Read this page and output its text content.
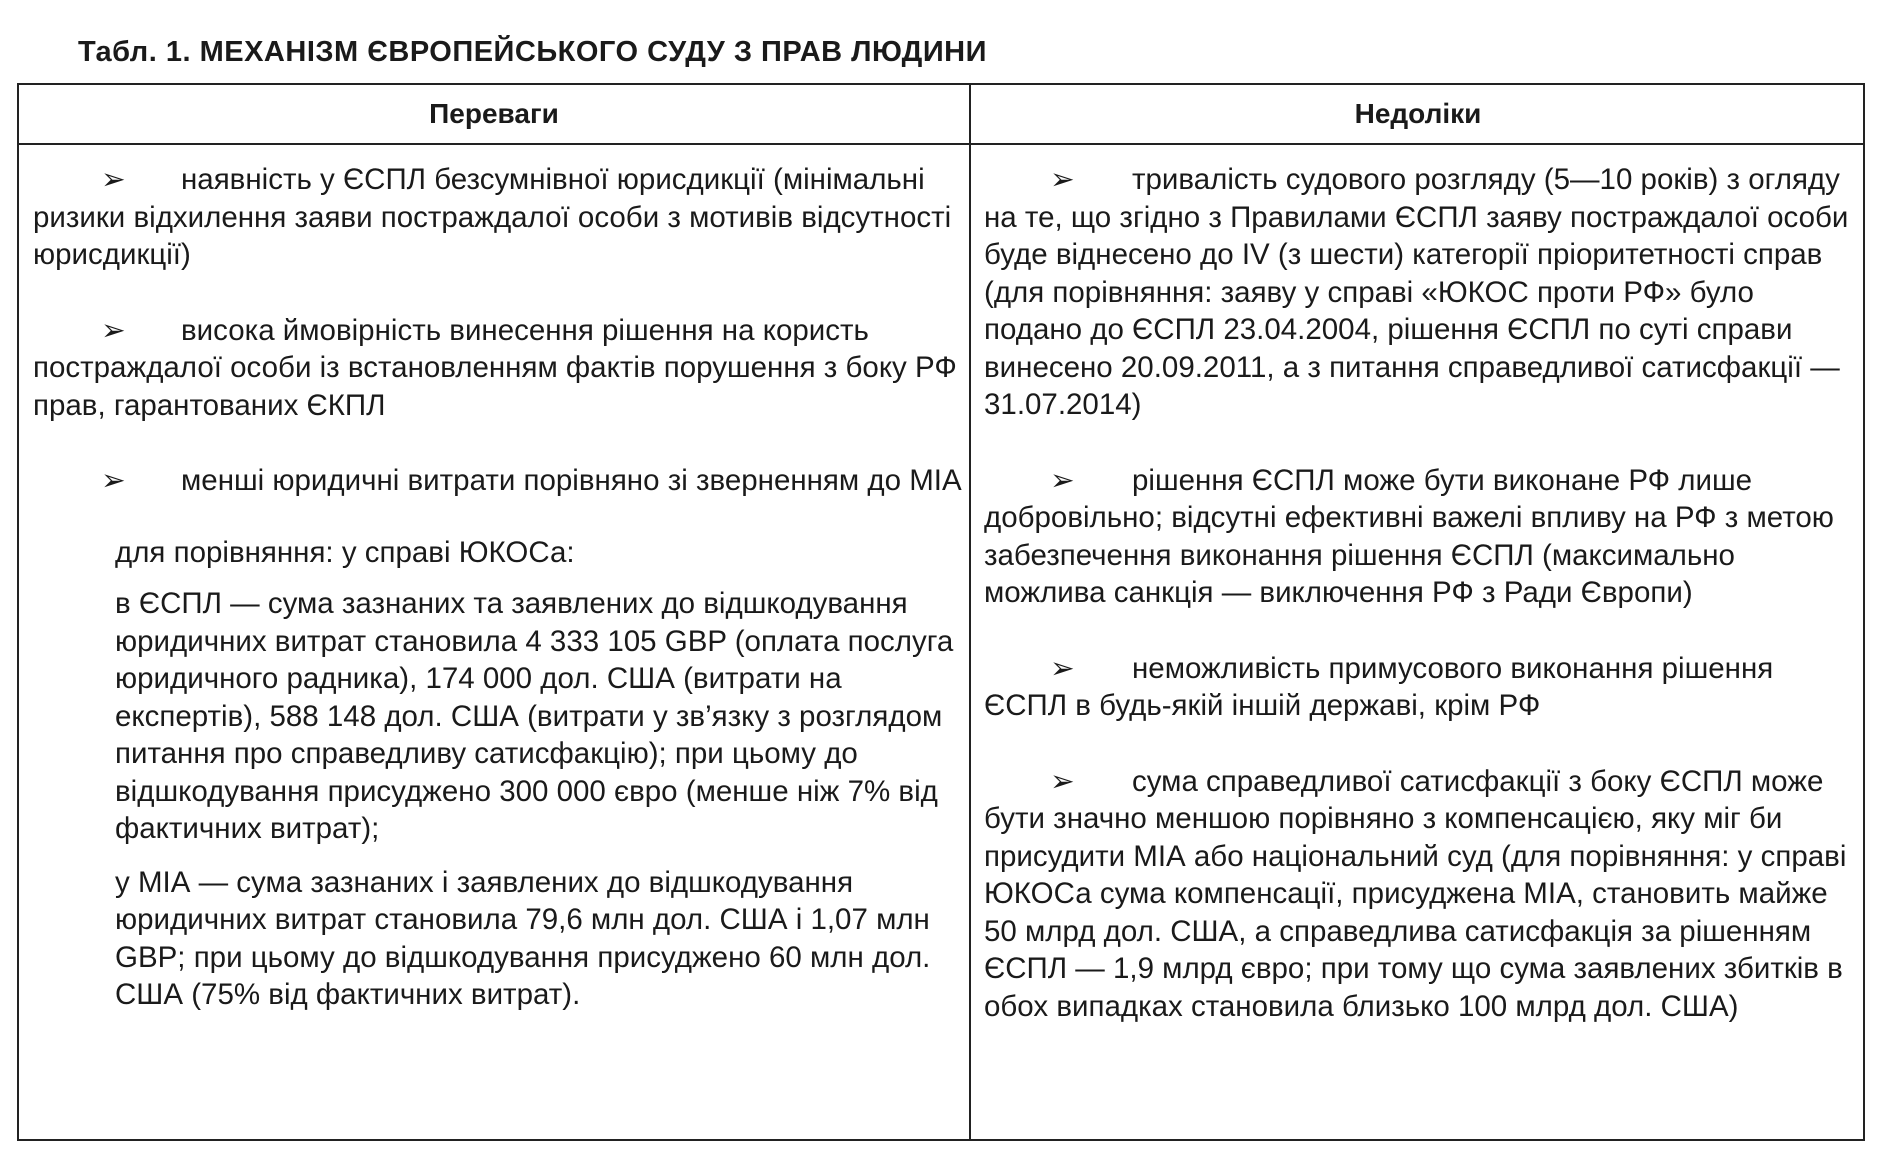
Табл. 1. МЕХАНІЗМ ЄВРОПЕЙСЬКОГО СУДУ З ПРАВ ЛЮДИНИ
Переваги	Недоліки
➢ наявність у ЄСПЛ безсумнівної юрисдикції (мінімальні ризики відхилення заяви постраждалої особи з мотивів відсутності юрисдикції)
➢ висока ймовірність винесення рішення на користь постраждалої особи із встановленням фактів порушення з боку РФ прав, гарантованих ЄКПЛ
➢ менші юридичні витрати порівняно зі зверненням до МІА
для порівняння: у справі ЮКОСа:
в ЄСПЛ — сума зазнаних та заявлених до відшкодування юридичних витрат становила 4 333 105 GBP (оплата послуга юридичного радника), 174 000 дол. США (витрати на експертів), 588 148 дол. США (витрати у зв’язку з розглядом питання про справедливу сатисфакцію); при цьому до відшкодування присуджено 300 000 євро (менше ніж 7% від фактичних витрат);
у МІА — сума зазнаних і заявлених до відшкодування юридичних витрат становила 79,6 млн дол. США і 1,07 млн GBP; при цьому до відшкодування присуджено 60 млн дол. США (75% від фактичних витрат).
➢ тривалість судового розгляду (5—10 років) з огляду на те, що згідно з Правилами ЄСПЛ заяву постраждалої особи буде віднесено до IV (з шести) категорії пріоритетності справ (для порівняння: заяву у справі «ЮКОС проти РФ» було подано до ЄСПЛ 23.04.2004, рішення ЄСПЛ по суті справи винесено 20.09.2011, а з питання справедливої сатисфакції — 31.07.2014)
➢ рішення ЄСПЛ може бути виконане РФ лише добровільно; відсутні ефективні важелі впливу на РФ з метою забезпечення виконання рішення ЄСПЛ (максимально можлива санкція — виключення РФ з Ради Європи)
➢ неможливість примусового виконання рішення ЄСПЛ в будь-якій іншій державі, крім РФ
➢ сума справедливої сатисфакції з боку ЄСПЛ може бути значно меншою порівняно з компенсацією, яку міг би присудити МІА або національний суд (для порівняння: у справі ЮКОСа сума компенсації, присуджена МІА, становить майже 50 млрд дол. США, а справедлива сатисфакція за рішенням ЄСПЛ — 1,9 млрд євро; при тому що сума заявлених збитків в обох випадках становила близько 100 млрд дол. США)
